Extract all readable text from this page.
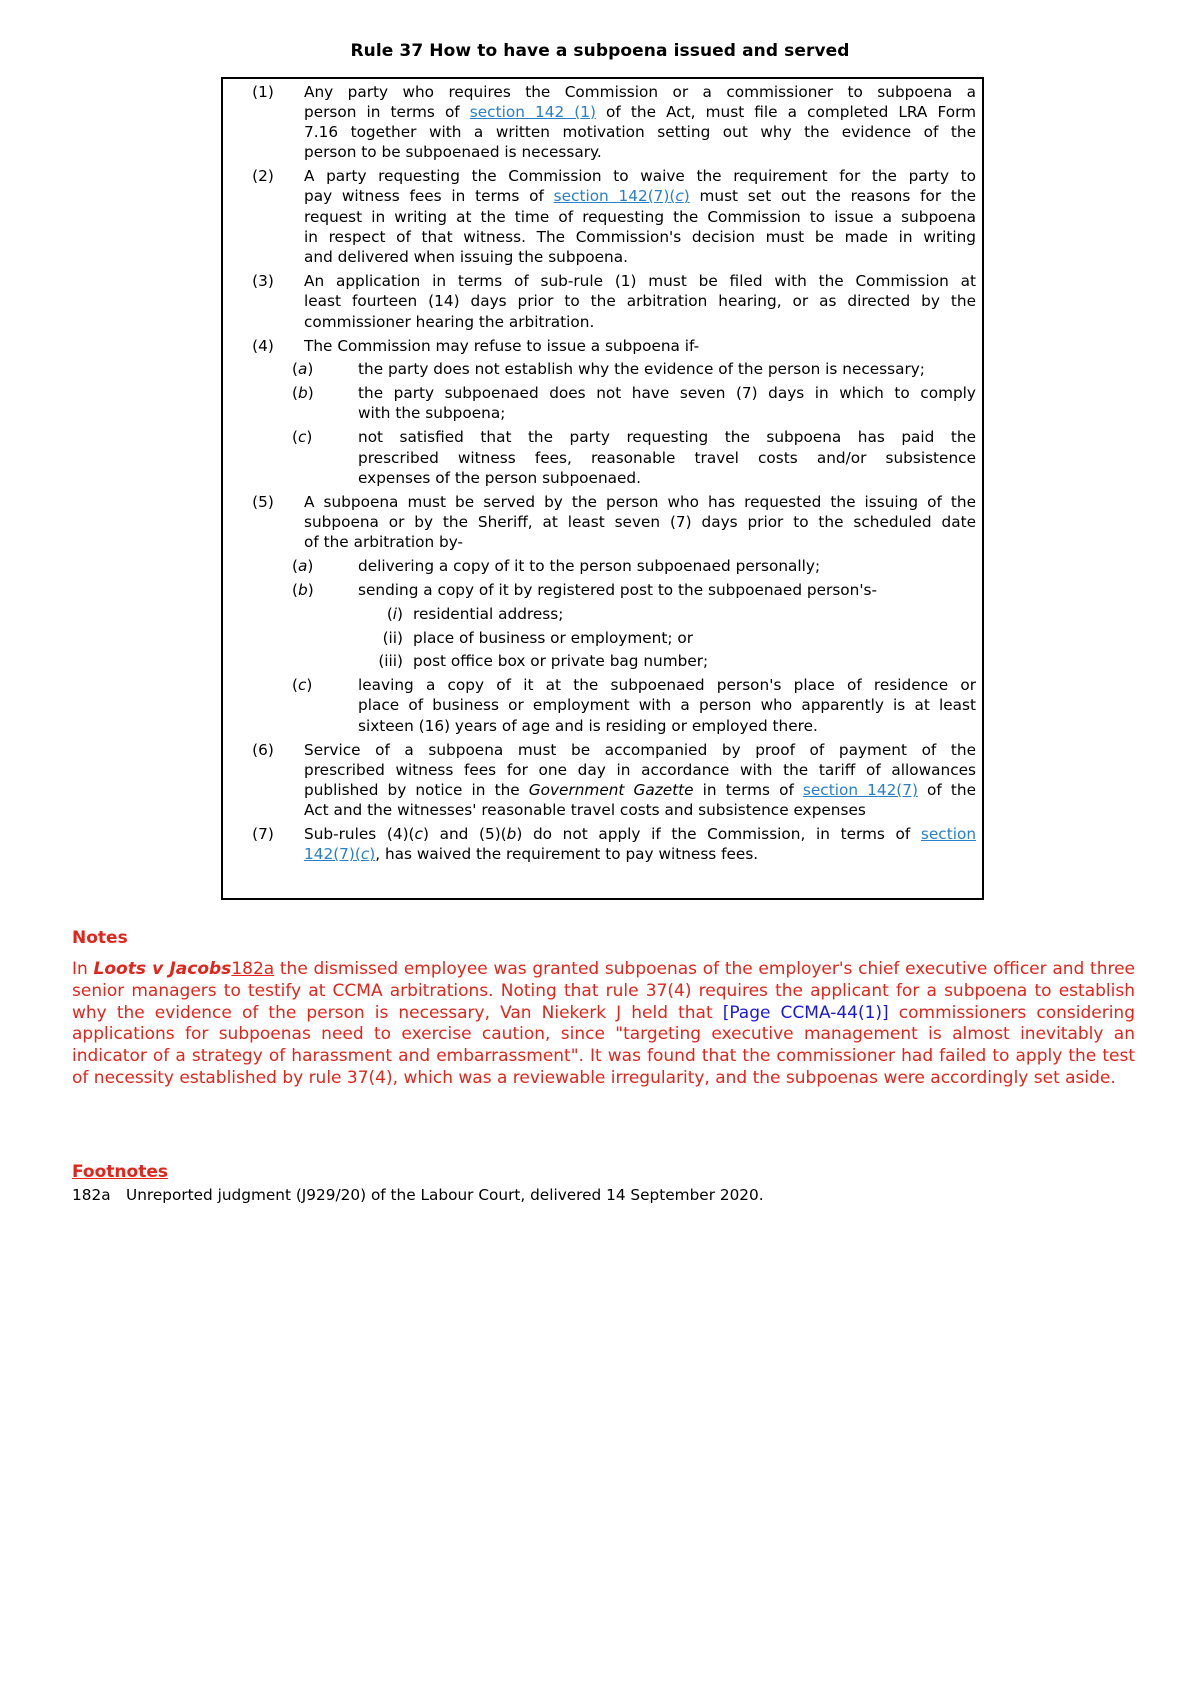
Rule 37 How to have a subpoena issued and served
(1)	Any party who requires the Commission or a commissioner to subpoena a
person in terms of section 142 (1) of the Act, must file a completed LRA Form
7.16 together with a written motivation setting out why the evidence of the
person to be subpoenaed is necessary.
(2)	A party requesting the Commission to waive the requirement for the party to
pay witness fees in terms of section 142(7)(c) must set out the reasons for the
request in writing at the time of requesting the Commission to issue a subpoena
in respect of that witness. The Commission's decision must be made in writing
and delivered when issuing the subpoena.
(3)	An application in terms of sub-rule (1) must be filed with the Commission at
least fourteen (14) days prior to the arbitration hearing, or as directed by the
commissioner hearing the arbitration.
(4)	The Commission may refuse to issue a subpoena if-
(a)	the party does not establish why the evidence of the person is necessary;
(b)	the party subpoenaed does not have seven (7) days in which to comply
with the subpoena;
(c)	not satisfied that the party requesting the subpoena has paid the
prescribed witness fees, reasonable travel costs and/or subsistence
expenses of the person subpoenaed.
(5)	A subpoena must be served by the person who has requested the issuing of the
subpoena or by the Sheriff, at least seven (7) days prior to the scheduled date
of the arbitration by-
(a)	delivering a copy of it to the person subpoenaed personally;
(b)	sending a copy of it by registered post to the subpoenaed person's-
(i) residential address;
(ii) place of business or employment; or
(iii) post office box or private bag number;
(c)	leaving a copy of it at the subpoenaed person's place of residence or
place of business or employment with a person who apparently is at least
sixteen (16) years of age and is residing or employed there.
(6)	Service of a subpoena must be accompanied by proof of payment of the
prescribed witness fees for one day in accordance with the tariff of allowances
published by notice in the Government Gazette in terms of section 142(7) of the
Act and the witnesses' reasonable travel costs and subsistence expenses
(7)	Sub-rules (4)(c) and (5)(b) do not apply if the Commission, in terms of section
142(7)(c), has waived the requirement to pay witness fees.
Notes
In Loots v Jacobs182a the dismissed employee was granted subpoenas of the employer's chief executive officer and three senior managers to testify at CCMA arbitrations. Noting that rule 37(4) requires the applicant for a subpoena to establish why the evidence of the person is necessary, Van Niekerk J held that [Page CCMA-44(1)] commissioners considering applications for subpoenas need to exercise caution, since "targeting executive management is almost inevitably an indicator of a strategy of harassment and embarrassment". It was found that the commissioner had failed to apply the test of necessity established by rule 37(4), which was a reviewable irregularity, and the subpoenas were accordingly set aside.
Footnotes
182a Unreported judgment (J929/20) of the Labour Court, delivered 14 September 2020.
